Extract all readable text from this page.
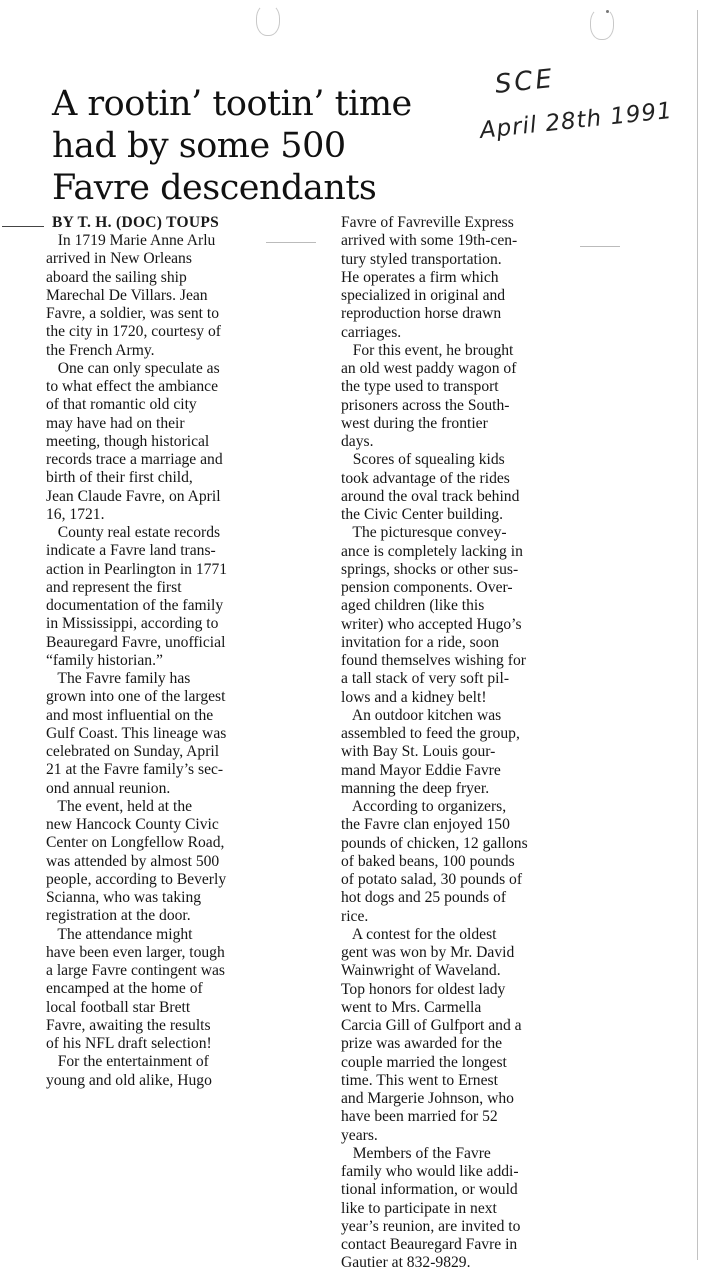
A rootin’ tootin’ time
had by some 500
Favre descendants
SCE
April 28th 1991
BY T. H. (DOC) TOUPS
In 1719 Marie Anne Arlu
arrived in New Orleans
aboard the sailing ship
Marechal De Villars. Jean
Favre, a soldier, was sent to
the city in 1720, courtesy of
the French Army.
One can only speculate as
to what effect the ambiance
of that romantic old city
may have had on their
meeting, though historical
records trace a marriage and
birth of their first child,
Jean Claude Favre, on April
16, 1721.
County real estate records
indicate a Favre land trans-
action in Pearlington in 1771
and represent the first
documentation of the family
in Mississippi, according to
Beauregard Favre, unofficial
“family historian.”
The Favre family has
grown into one of the largest
and most influential on the
Gulf Coast. This lineage was
celebrated on Sunday, April
21 at the Favre family’s sec-
ond annual reunion.
The event, held at the
new Hancock County Civic
Center on Longfellow Road,
was attended by almost 500
people, according to Beverly
Scianna, who was taking
registration at the door.
The attendance might
have been even larger, tough
a large Favre contingent was
encamped at the home of
local football star Brett
Favre, awaiting the results
of his NFL draft selection!
For the entertainment of
young and old alike, Hugo
Favre of Favreville Express
arrived with some 19th-cen-
tury styled transportation.
He operates a firm which
specialized in original and
reproduction horse drawn
carriages.
For this event, he brought
an old west paddy wagon of
the type used to transport
prisoners across the South-
west during the frontier
days.
Scores of squealing kids
took advantage of the rides
around the oval track behind
the Civic Center building.
The picturesque convey-
ance is completely lacking in
springs, shocks or other sus-
pension components. Over-
aged children (like this
writer) who accepted Hugo’s
invitation for a ride, soon
found themselves wishing for
a tall stack of very soft pil-
lows and a kidney belt!
An outdoor kitchen was
assembled to feed the group,
with Bay St. Louis gour-
mand Mayor Eddie Favre
manning the deep fryer.
According to organizers,
the Favre clan enjoyed 150
pounds of chicken, 12 gallons
of baked beans, 100 pounds
of potato salad, 30 pounds of
hot dogs and 25 pounds of
rice.
A contest for the oldest
gent was won by Mr. David
Wainwright of Waveland.
Top honors for oldest lady
went to Mrs. Carmella
Carcia Gill of Gulfport and a
prize was awarded for the
couple married the longest
time. This went to Ernest
and Margerie Johnson, who
have been married for 52
years.
Members of the Favre
family who would like addi-
tional information, or would
like to participate in next
year’s reunion, are invited to
contact Beauregard Favre in
Gautier at 832-9829.
